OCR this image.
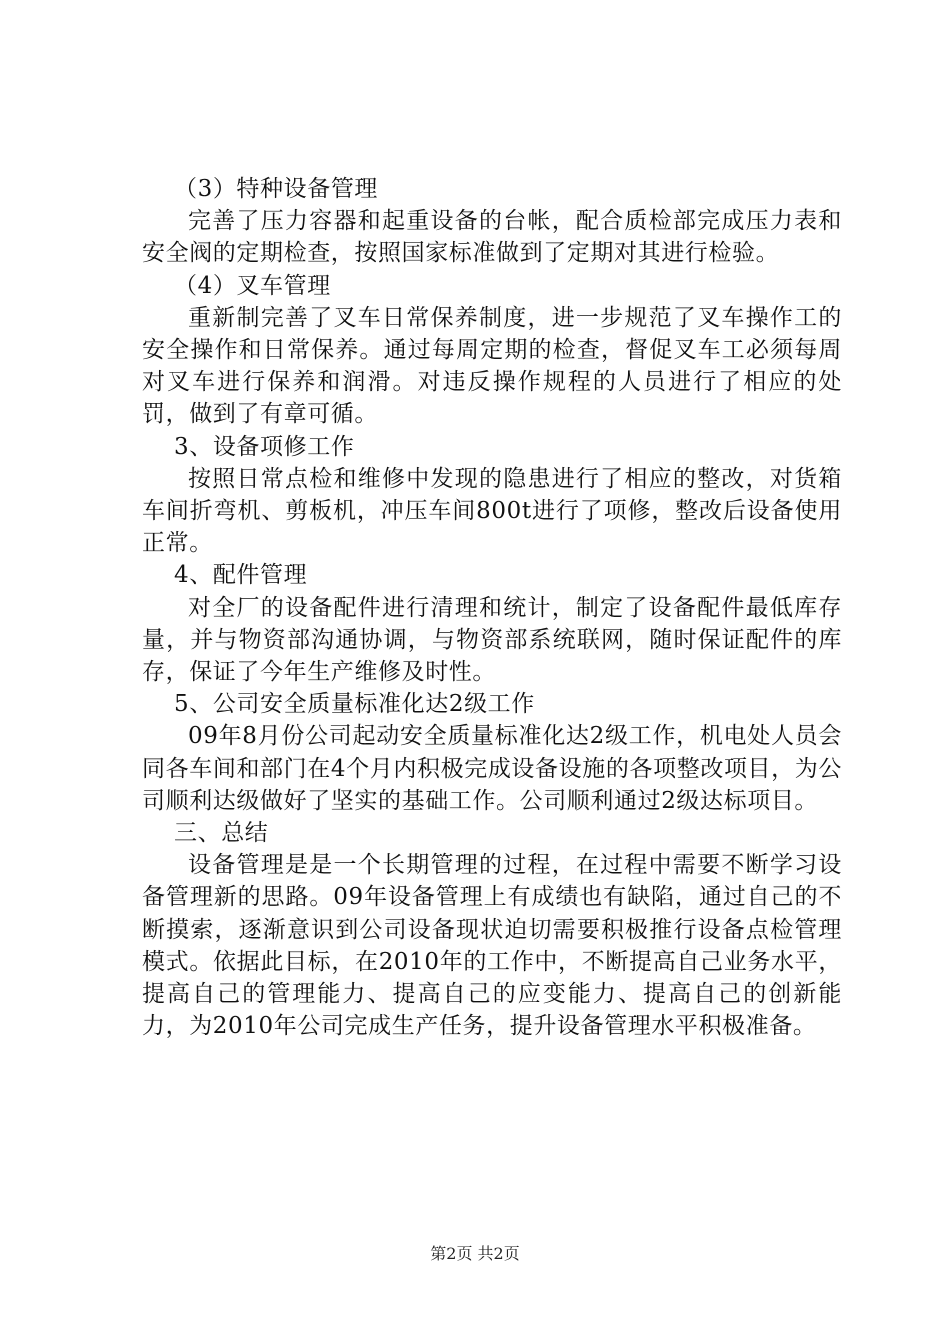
（3）特种设备管理

完善了压力容器和起重设备的台帐，配合质检部完成压力表和安全阀的定期检查，按照国家标准做到了定期对其进行检验。

（4）叉车管理

重新制完善了叉车日常保养制度，进一步规范了叉车操作工的安全操作和日常保养。通过每周定期的检查，督促叉车工必须每周对叉车进行保养和润滑。对违反操作规程的人员进行了相应的处罚，做到了有章可循。

3、设备项修工作

按照日常点检和维修中发现的隐患进行了相应的整改，对货箱车间折弯机、剪板机，冲压车间800t进行了项修，整改后设备使用正常。

4、配件管理

对全厂的设备配件进行清理和统计，制定了设备配件最低库存量，并与物资部沟通协调，与物资部系统联网，随时保证配件的库存，保证了今年生产维修及时性。

5、公司安全质量标准化达2级工作

09年8月份公司起动安全质量标准化达2级工作，机电处人员会同各车间和部门在4个月内积极完成设备设施的各项整改项目，为公司顺利达级做好了坚实的基础工作。公司顺利通过2级达标项目。

三、总结

设备管理是是一个长期管理的过程，在过程中需要不断学习设备管理新的思路。09年设备管理上有成绩也有缺陷，通过自己的不断摸索，逐渐意识到公司设备现状迫切需要积极推行设备点检管理模式。依据此目标，在2010年的工作中，不断提高自己业务水平，提高自己的管理能力、提高自己的应变能力、提高自己的创新能力，为2010年公司完成生产任务，提升设备管理水平积极准备。

第2页 共2页
